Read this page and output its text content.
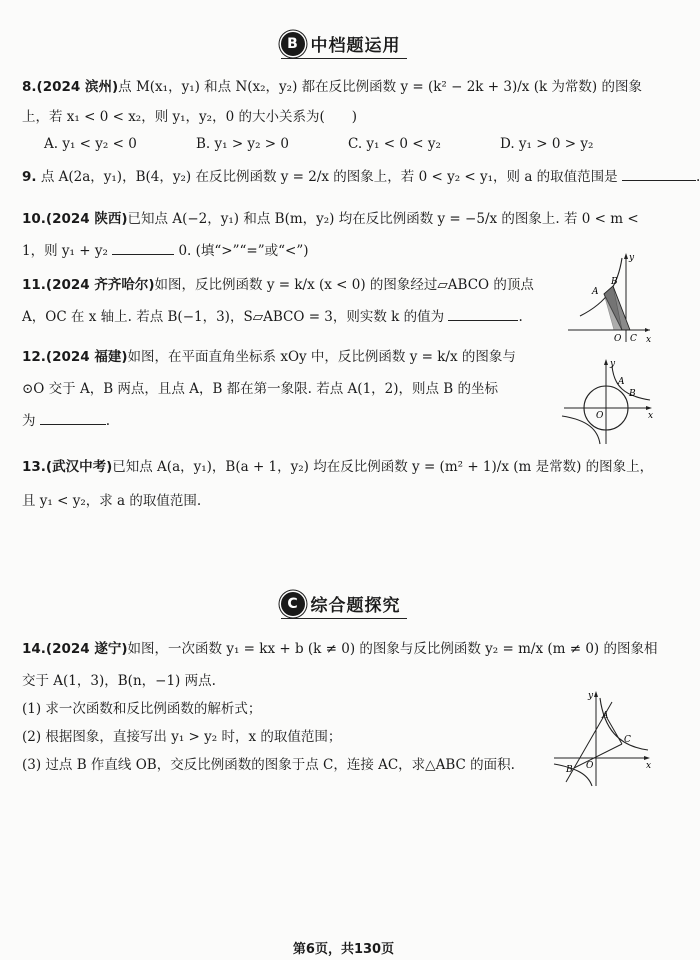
B 中档题运用
8.(2024 滨州)点 M(x₁，y₁) 和点 N(x₂，y₂) 都在反比例函数 y = (k² − 2k + 3)/x (k 为常数) 的图象
上，若 x₁ < 0 < x₂，则 y₁，y₂，0 的大小关系为(　　)
A. y₁ < y₂ < 0	B. y₁ > y₂ > 0	C. y₁ < 0 < y₂	D. y₁ > 0 > y₂
9. 点 A(2a，y₁)，B(4，y₂) 在反比例函数 y = 2/x 的图象上，若 0 < y₂ < y₁，则 a 的取值范围是	.
10.(2024 陕西)已知点 A(−2，y₁) 和点 B(m，y₂) 均在反比例函数 y = −5/x 的图象上. 若 0 < m <
1，则 y₁ + y₂	0. (填“>”“=”或“<”)
11.(2024 齐齐哈尔)如图，反比例函数 y = k/x (x < 0) 的图象经过▱ABCO 的顶点
A，OC 在 x 轴上. 若点 B(−1，3)，S▱ABCO = 3，则实数 k 的值为	.
A
B
O C
y
x
12.(2024 福建)如图，在平面直角坐标系 xOy 中，反比例函数 y = k/x 的图象与
⊙O 交于 A，B 两点，且点 A，B 都在第一象限. 若点 A(1，2)，则点 B 的坐标
为	.
A
B
O
y
x
13.(武汉中考)已知点 A(a，y₁)，B(a + 1，y₂) 均在反比例函数 y = (m² + 1)/x (m 是常数) 的图象上，
且 y₁ < y₂，求 a 的取值范围.
C 综合题探究
14.(2024 遂宁)如图，一次函数 y₁ = kx + b (k ≠ 0) 的图象与反比例函数 y₂ = m/x (m ≠ 0) 的图象相
交于 A(1，3)，B(n，−1) 两点.
(1) 求一次函数和反比例函数的解析式；
(2) 根据图象，直接写出 y₁ > y₂ 时，x 的取值范围；
(3) 过点 B 作直线 OB，交反比例函数的图象于点 C，连接 AC，求△ABC 的面积.
A
C
B O
y
x
第6页，共130页
